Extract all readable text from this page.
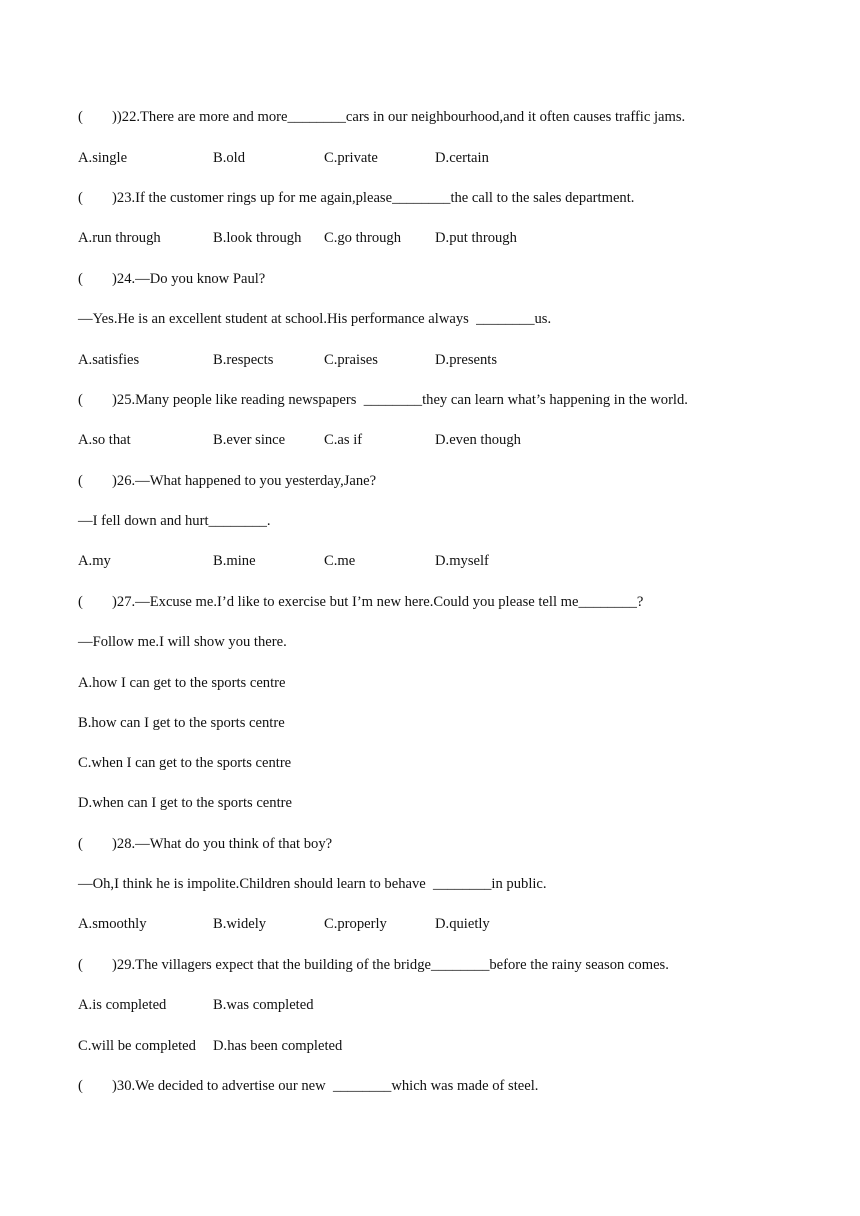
(        ))22.There are more and more________cars in our neighbourhood,and it often causes traffic jams.

A.single	B.old	C.private	D.certain

(        )23.If the customer rings up for me again,please________the call to the sales department.

A.run through	B.look through C.go through D.put through

(        )24.—Do you know Paul?

—Yes.He is an excellent student at school.His performance always  ________us.

A.satisfies	B.respects	C.praises	D.presents

(        )25.Many people like reading newspapers  ________they can learn what’s happening in the world.

A.so that	B.ever since	C.as if	D.even though

(        )26.—What happened to you yesterday,Jane?

—I fell down and hurt________.

A.my	B.mine	C.me	D.myself

(        )27.—Excuse me.I’d like to exercise but I’m new here.Could you please tell me________?

—Follow me.I will show you there.

A.how I can get to the sports centre

B.how can I get to the sports centre

C.when I can get to the sports centre

D.when can I get to the sports centre

(        )28.—What do you think of that boy?

—Oh,I think he is impolite.Children should learn to behave  ________in public.

A.smoothly	B.widely	C.properly	D.quietly

(        )29.The villagers expect that the building of the bridge________before the rainy season comes.

A.is completed	B.was completed
C.will be completed D.has been completed

(        )30.We decided to advertise our new  ________which was made of steel.
